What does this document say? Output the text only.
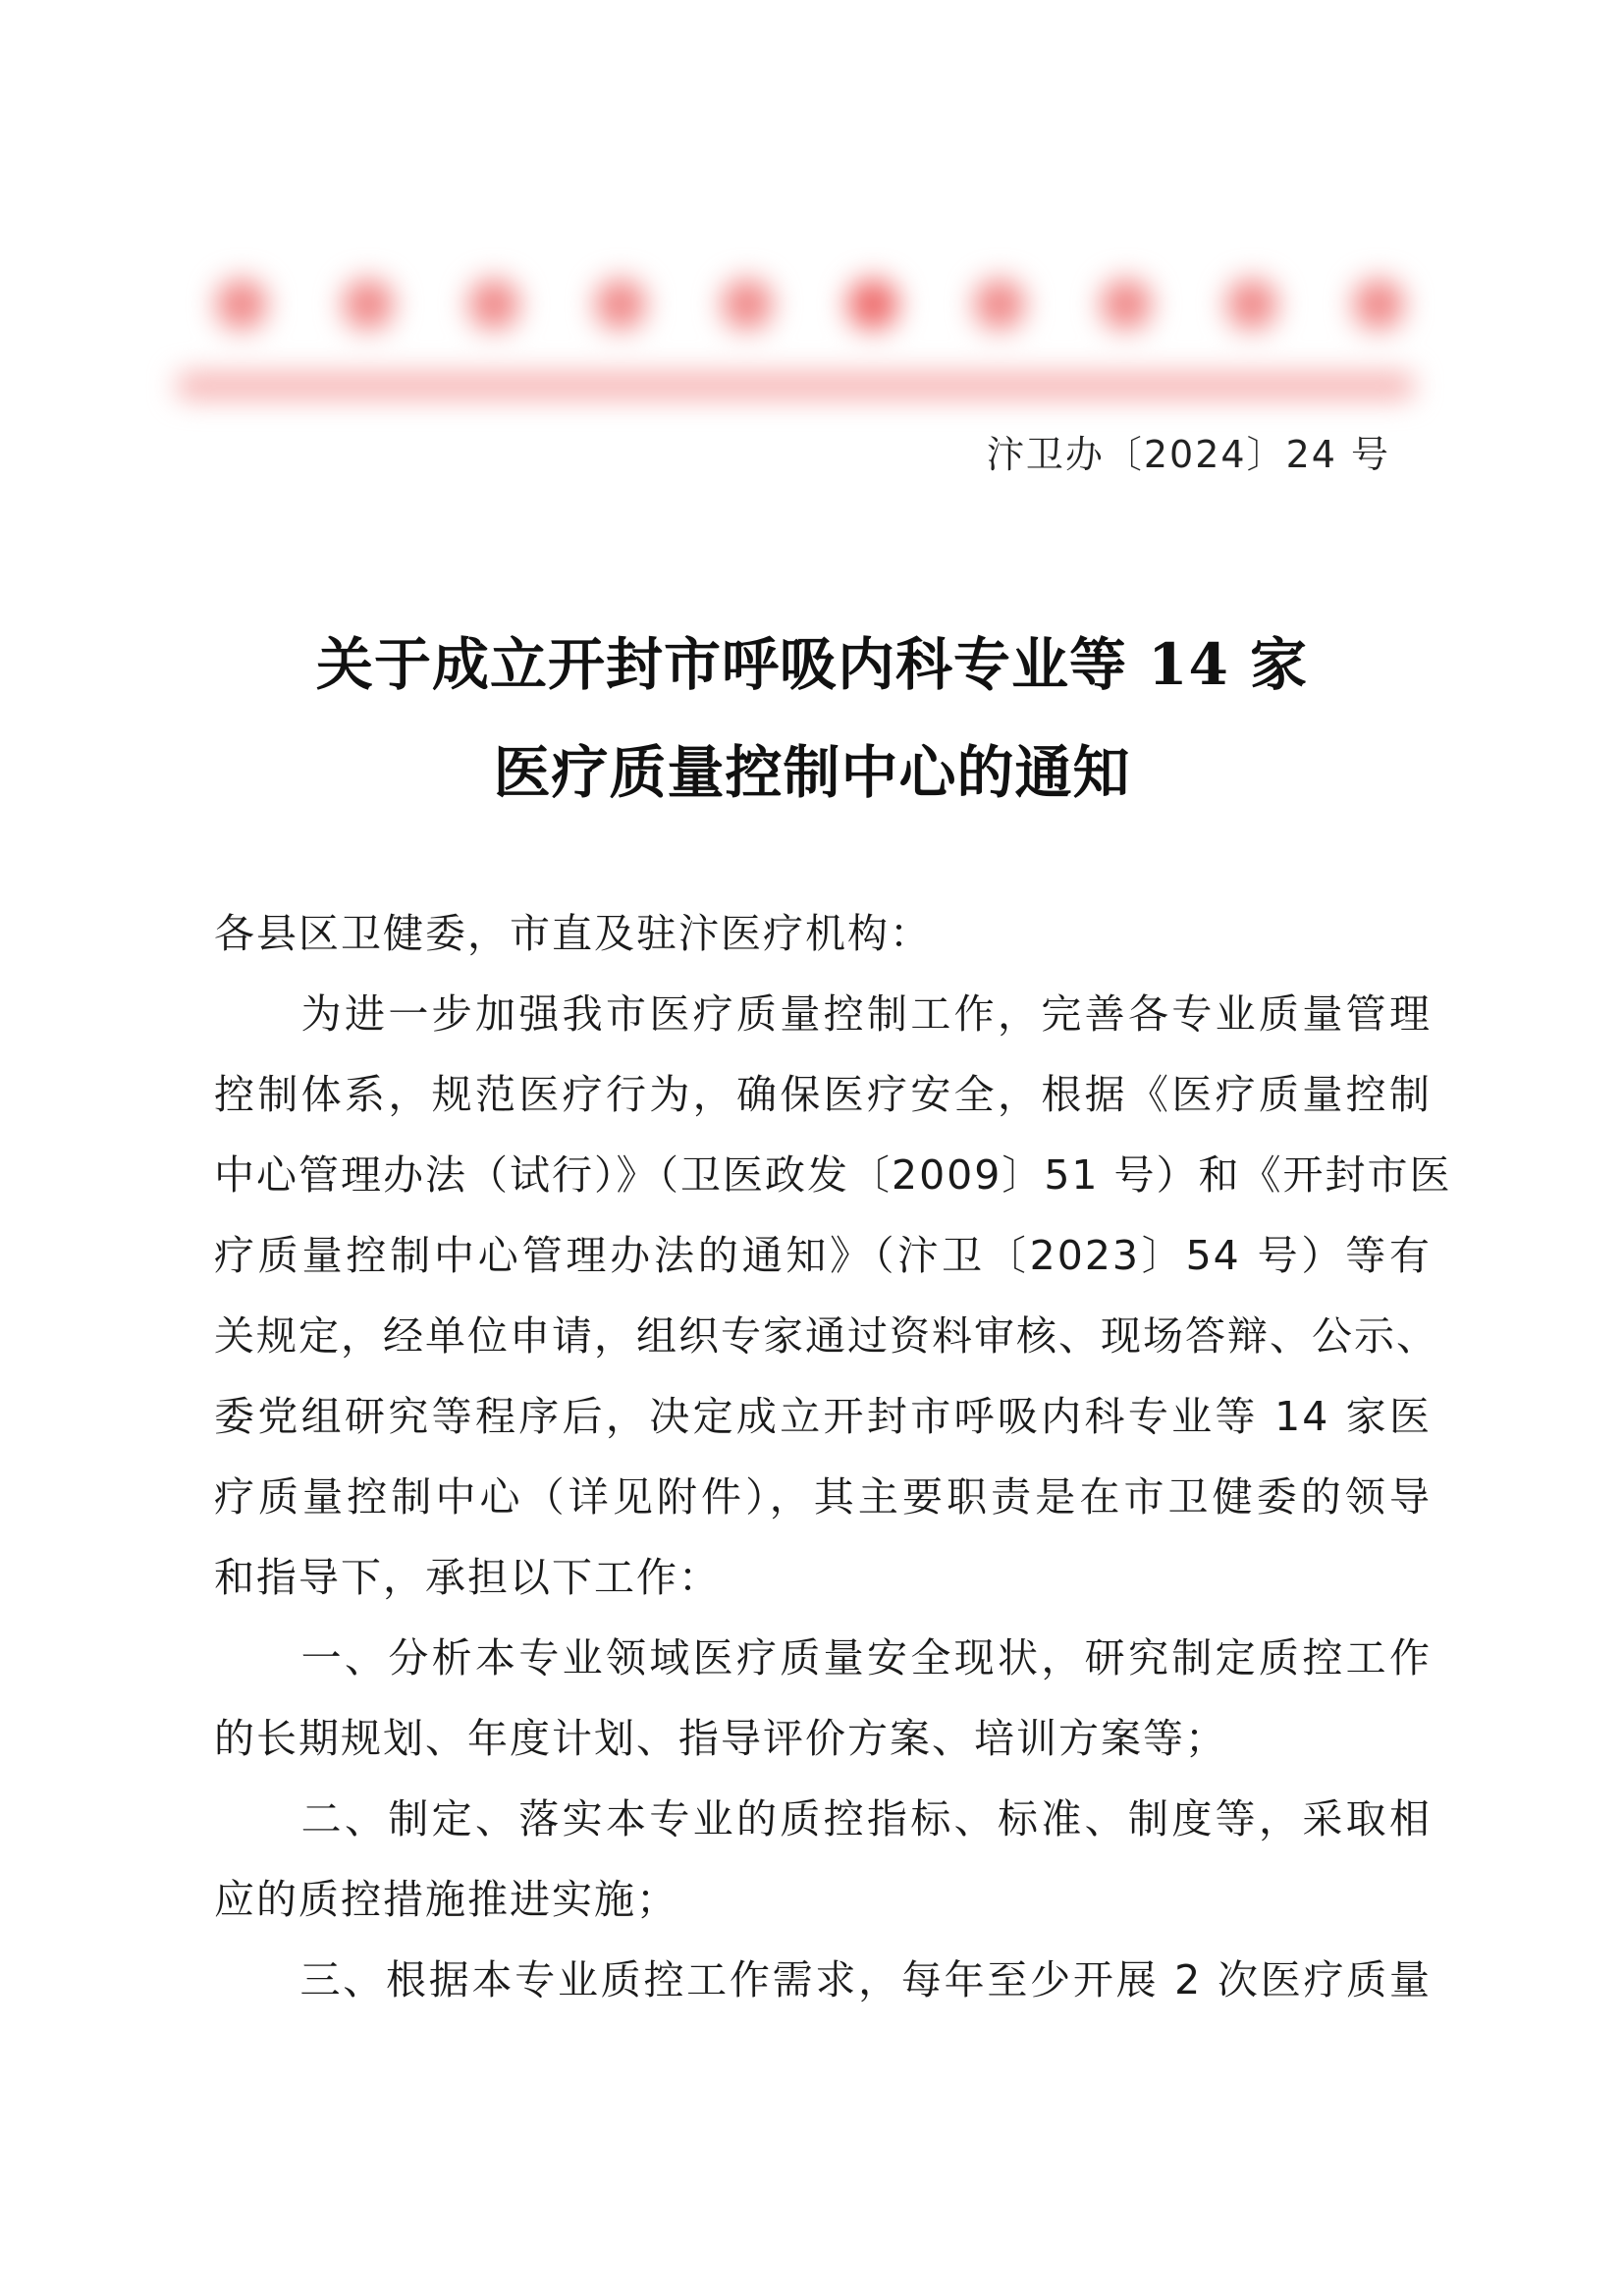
汴卫办〔2024〕24 号
关于成立开封市呼吸内科专业等 14 家
医疗质量控制中心的通知
各县区卫健委，市直及驻汴医疗机构：
　　为进一步加强我市医疗质量控制工作，完善各专业质量管理
控制体系，规范医疗行为，确保医疗安全，根据《医疗质量控制
中心管理办法（试行）》（卫医政发〔2009〕51 号）和《开封市医
疗质量控制中心管理办法的通知》（汴卫〔2023〕54 号）等有
关规定，经单位申请，组织专家通过资料审核、现场答辩、公示、
委党组研究等程序后，决定成立开封市呼吸内科专业等 14 家医
疗质量控制中心（详见附件），其主要职责是在市卫健委的领导
和指导下，承担以下工作：
　　一、分析本专业领域医疗质量安全现状，研究制定质控工作
的长期规划、年度计划、指导评价方案、培训方案等；
　　二、制定、落实本专业的质控指标、标准、制度等，采取相
应的质控措施推进实施；
　　三、根据本专业质控工作需求，每年至少开展 2 次医疗质量
